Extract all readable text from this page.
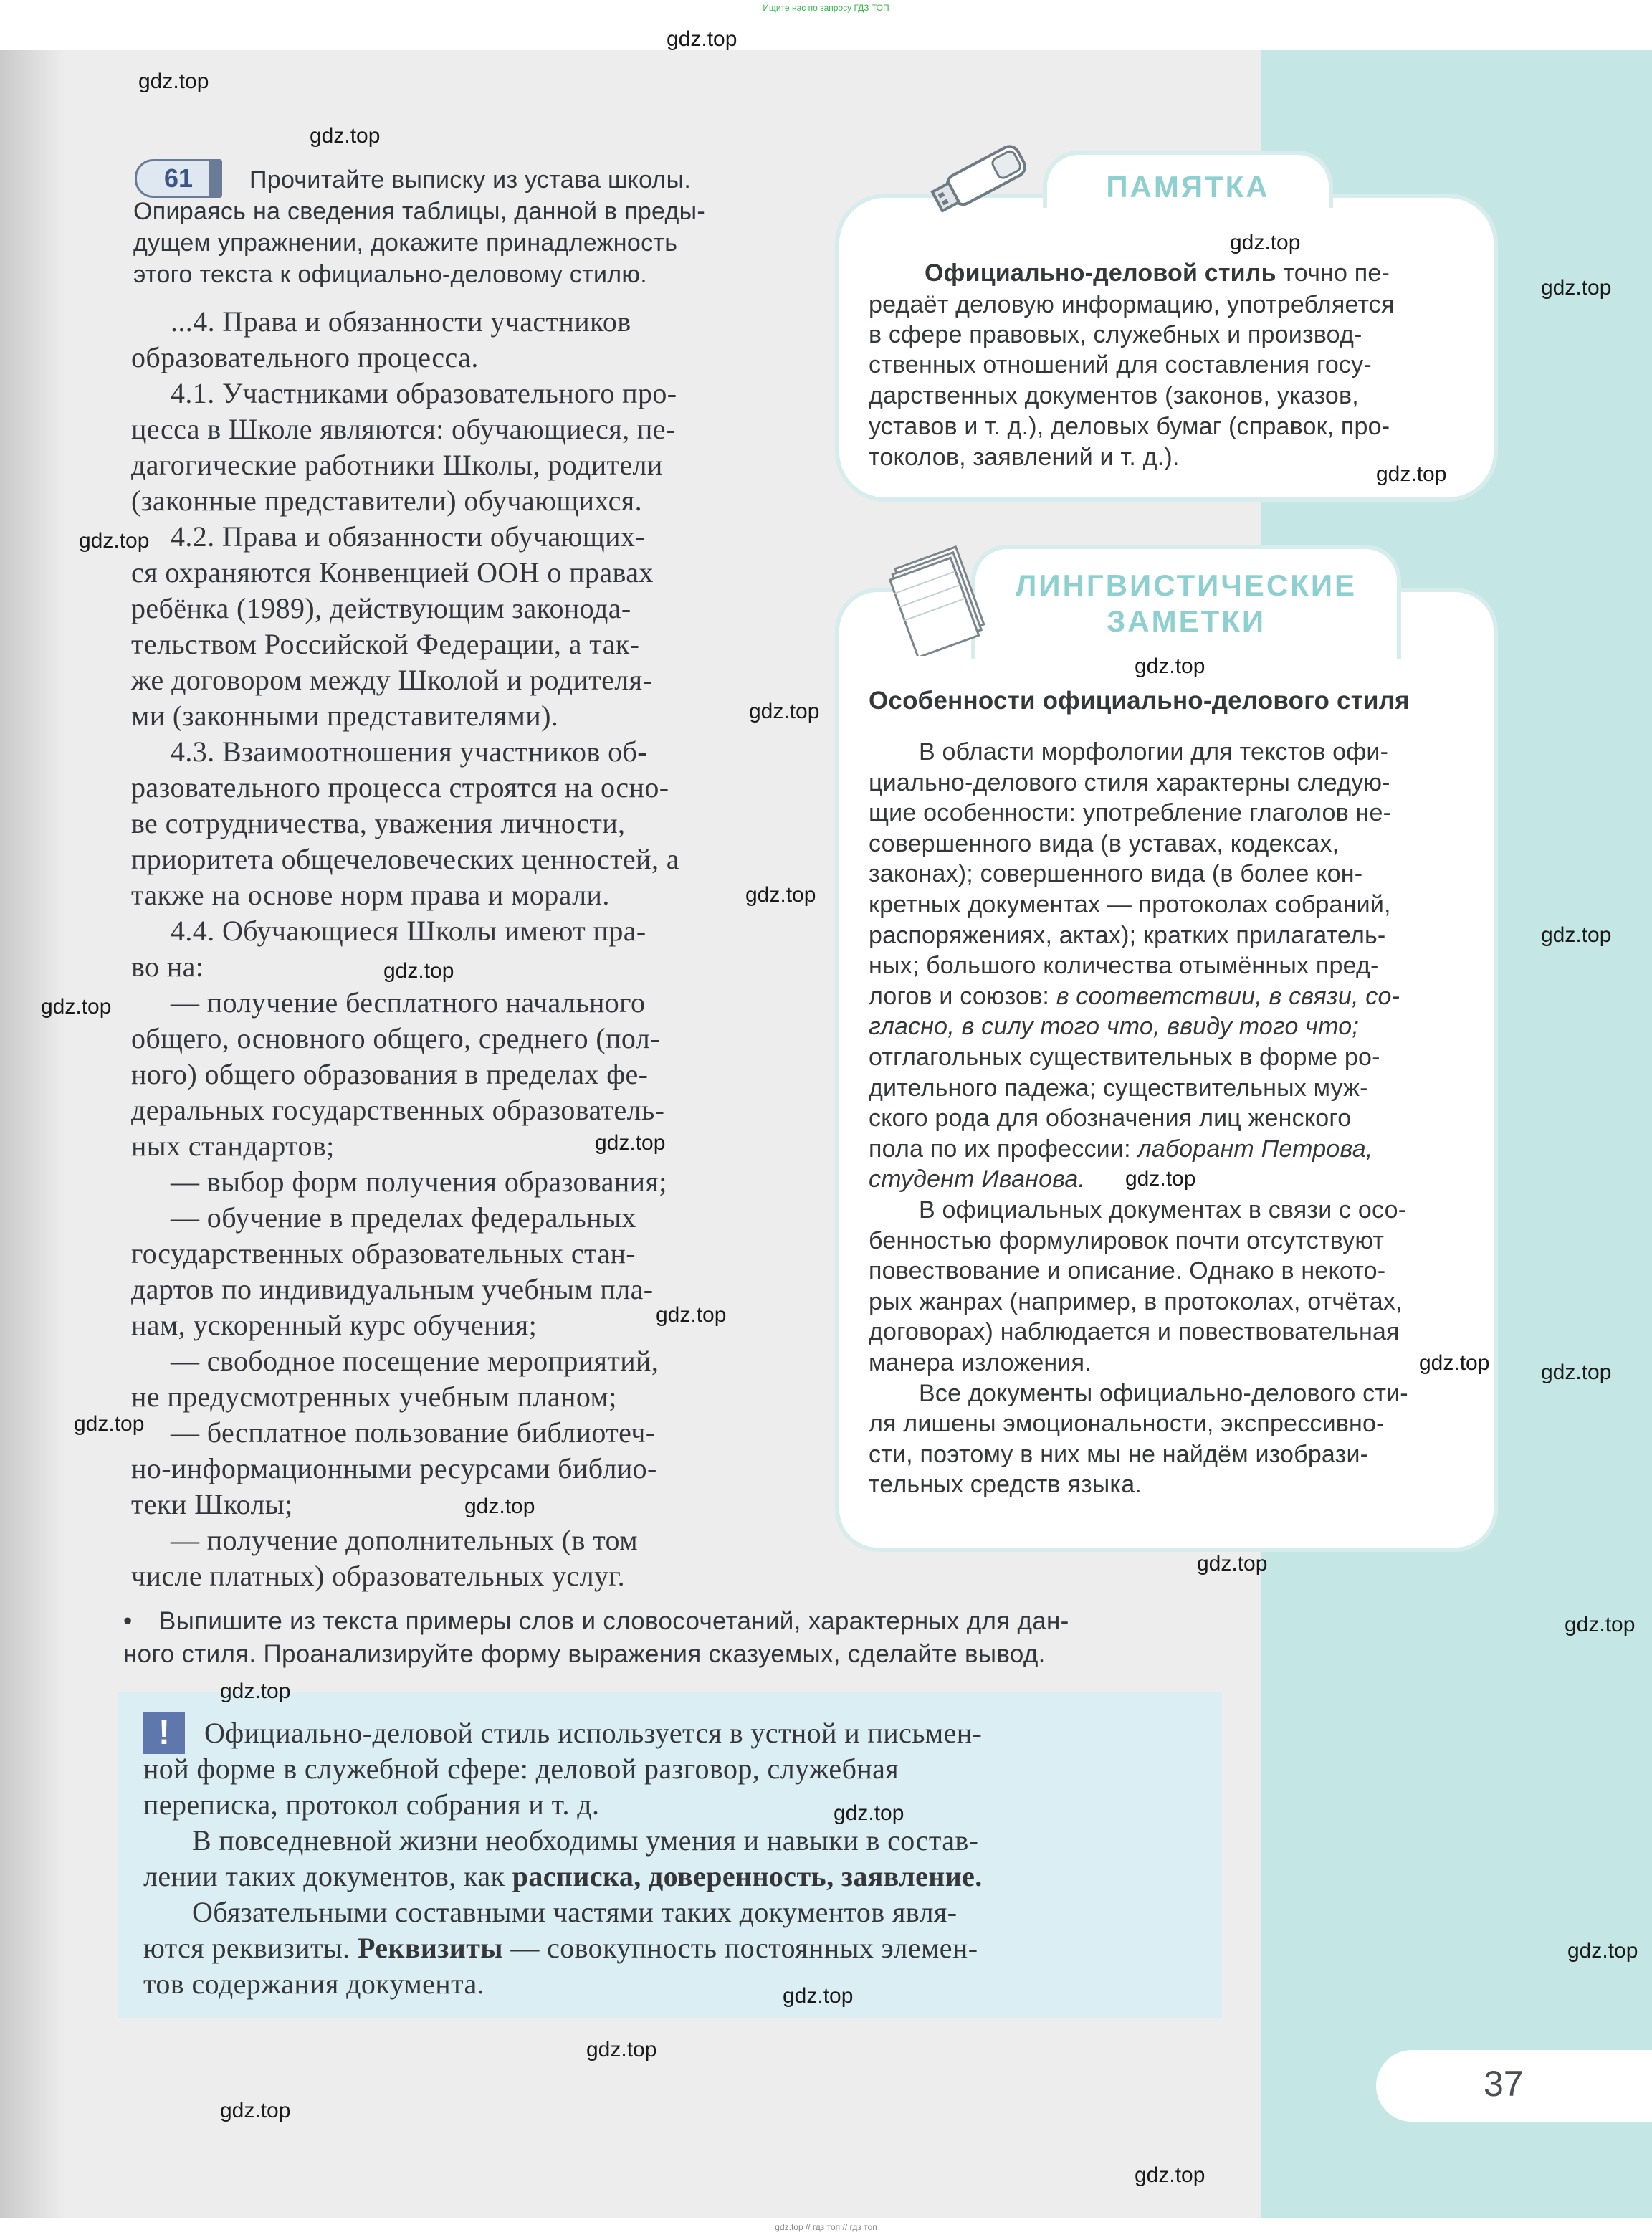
Ищите нас по запросу ГДЗ ТОП
61	Прочитайте выписку из устава школы.
Опираясь на сведения таблицы, данной в преды-
дущем упражнении, докажите принадлежность
этого текста к официально-деловому стилю.
...4. Права и обязанности участников
образовательного процесса.
4.1. Участниками образовательного про-
цесса в Школе являются: обучающиеся, пе-
дагогические работники Школы, родители
(законные представители) обучающихся.
4.2. Права и обязанности обучающих-
ся охраняются Конвенцией ООН о правах
ребёнка (1989), действующим законода-
тельством Российской Федерации, а так-
же договором между Школой и родителя-
ми (законными представителями).
4.3. Взаимоотношения участников об-
разовательного процесса строятся на осно-
ве сотрудничества, уважения личности,
приоритета общечеловеческих ценностей, а
также на основе норм права и морали.
4.4. Обучающиеся Школы имеют пра-
во на:
— получение бесплатного начального
общего, основного общего, среднего (пол-
ного) общего образования в пределах фе-
деральных государственных образователь-
ных стандартов;
— выбор форм получения образования;
— обучение в пределах федеральных
государственных образовательных стан-
дартов по индивидуальным учебным пла-
нам, ускоренный курс обучения;
— свободное посещение мероприятий,
не предусмотренных учебным планом;
— бесплатное пользование библиотеч-
но-информационными ресурсами библио-
теки Школы;
— получение дополнительных (в том
числе платных) образовательных услуг.
• Выпишите из текста примеры слов и словосочетаний, характерных для дан-
ного стиля. Проанализируйте форму выражения сказуемых, сделайте вывод.
ПАМЯТКА
Официально-деловой стиль точно пе-
редаёт деловую информацию, употребляется
в сфере правовых, служебных и производ-
ственных отношений для составления госу-
дарственных документов (законов, указов,
уставов и т. д.), деловых бумаг (справок, про-
токолов, заявлений и т. д.).
ЛИНГВИСТИЧЕСКИЕ
ЗАМЕТКИ
Особенности официально-делового стиля
В области морфологии для текстов офи-
циально-делового стиля характерны следую-
щие особенности: употребление глаголов не-
совершенного вида (в уставах, кодексах,
законах); совершенного вида (в более кон-
кретных документах — протоколах собраний,
распоряжениях, актах); кратких прилагатель-
ных; большого количества отымённых пред-
логов и союзов: в соответствии, в связи, со-
гласно, в силу того что, ввиду того что;
отглагольных существительных в форме ро-
дительного падежа; существительных муж-
ского рода для обозначения лиц женского
пола по их профессии: лаборант Петрова,
студент Иванова.
В официальных документах в связи с осо-
бенностью формулировок почти отсутствуют
повествование и описание. Однако в некото-
рых жанрах (например, в протоколах, отчётах,
договорах) наблюдается и повествовательная
манера изложения.
Все документы официально-делового сти-
ля лишены эмоциональности, экспрессивно-
сти, поэтому в них мы не найдём изобрази-
тельных средств языка.
!	Официально-деловой стиль используется в устной и письмен-
ной форме в служебной сфере: деловой разговор, служебная
переписка, протокол собрания и т. д.
В повседневной жизни необходимы умения и навыки в состав-
лении таких документов, как расписка, доверенность, заявление.
Обязательными составными частями таких документов явля-
ются реквизиты. Реквизиты — совокупность постоянных элемен-
тов содержания документа.
37
gdz.top
gdz.top
gdz.top
gdz.top
gdz.top
gdz.top
gdz.top
gdz.top
gdz.top
gdz.top
gdz.top
gdz.top
gdz.top
gdz.top
gdz.top
gdz.top
gdz.top
gdz.top
gdz.top
gdz.top
gdz.top
gdz.top
gdz.top
gdz.top
gdz.top
gdz.top
gdz.top
gdz.top
gdz.top
gdz.top // гдз топ // гдз топ
